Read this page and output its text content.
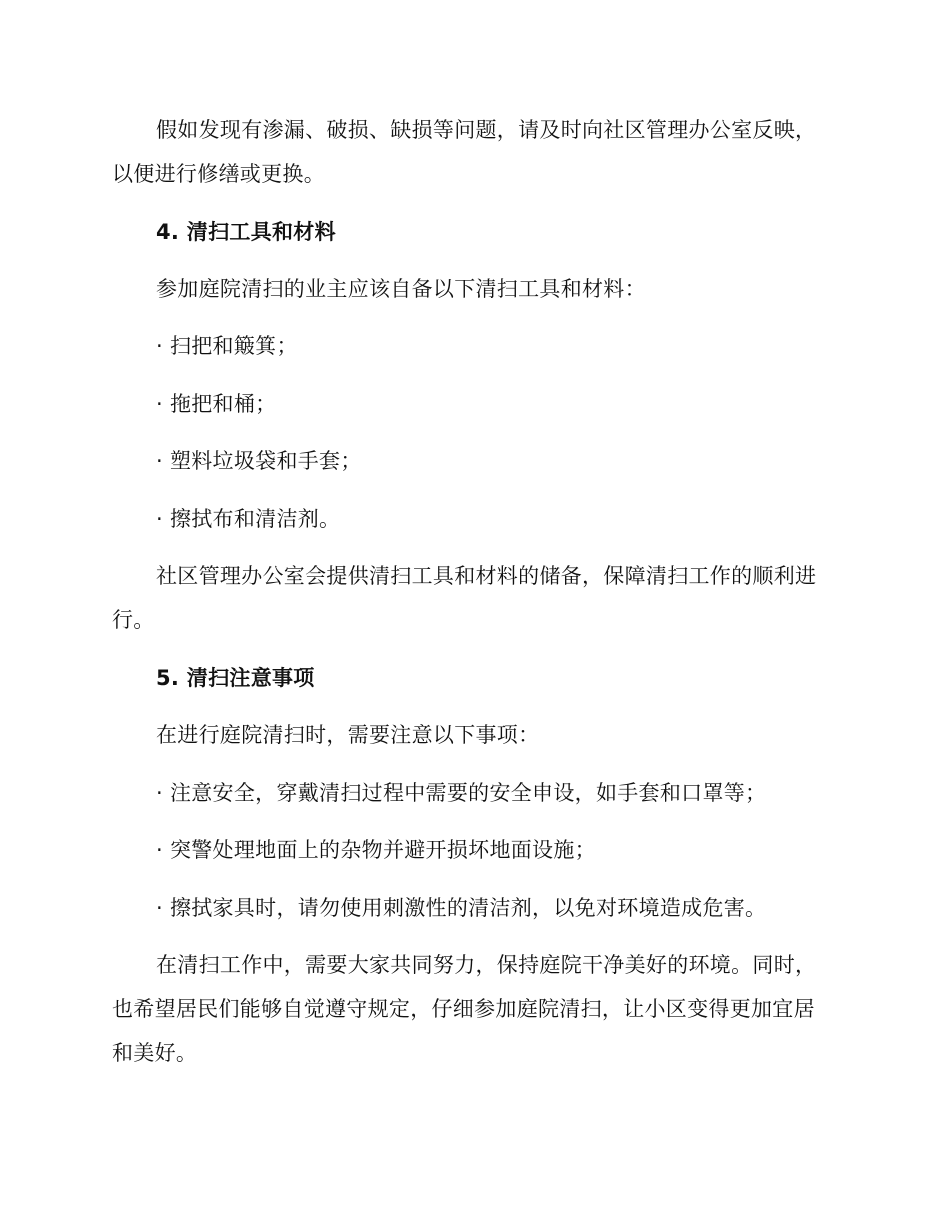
假如发现有渗漏、破损、缺损等问题，请及时向社区管理办公室反映，
以便进行修缮或更换。
4. 清扫工具和材料
参加庭院清扫的业主应该自备以下清扫工具和材料：
· 扫把和簸箕；
· 拖把和桶；
· 塑料垃圾袋和手套；
· 擦拭布和清洁剂。
社区管理办公室会提供清扫工具和材料的储备，保障清扫工作的顺利进
行。
5. 清扫注意事项
在进行庭院清扫时，需要注意以下事项：
· 注意安全，穿戴清扫过程中需要的安全申设，如手套和口罩等；
· 突警处理地面上的杂物并避开损坏地面设施；
· 擦拭家具时，请勿使用刺激性的清洁剂，以免对环境造成危害。
在清扫工作中，需要大家共同努力，保持庭院干净美好的环境。同时，
也希望居民们能够自觉遵守规定，仔细参加庭院清扫，让小区变得更加宜居
和美好。
